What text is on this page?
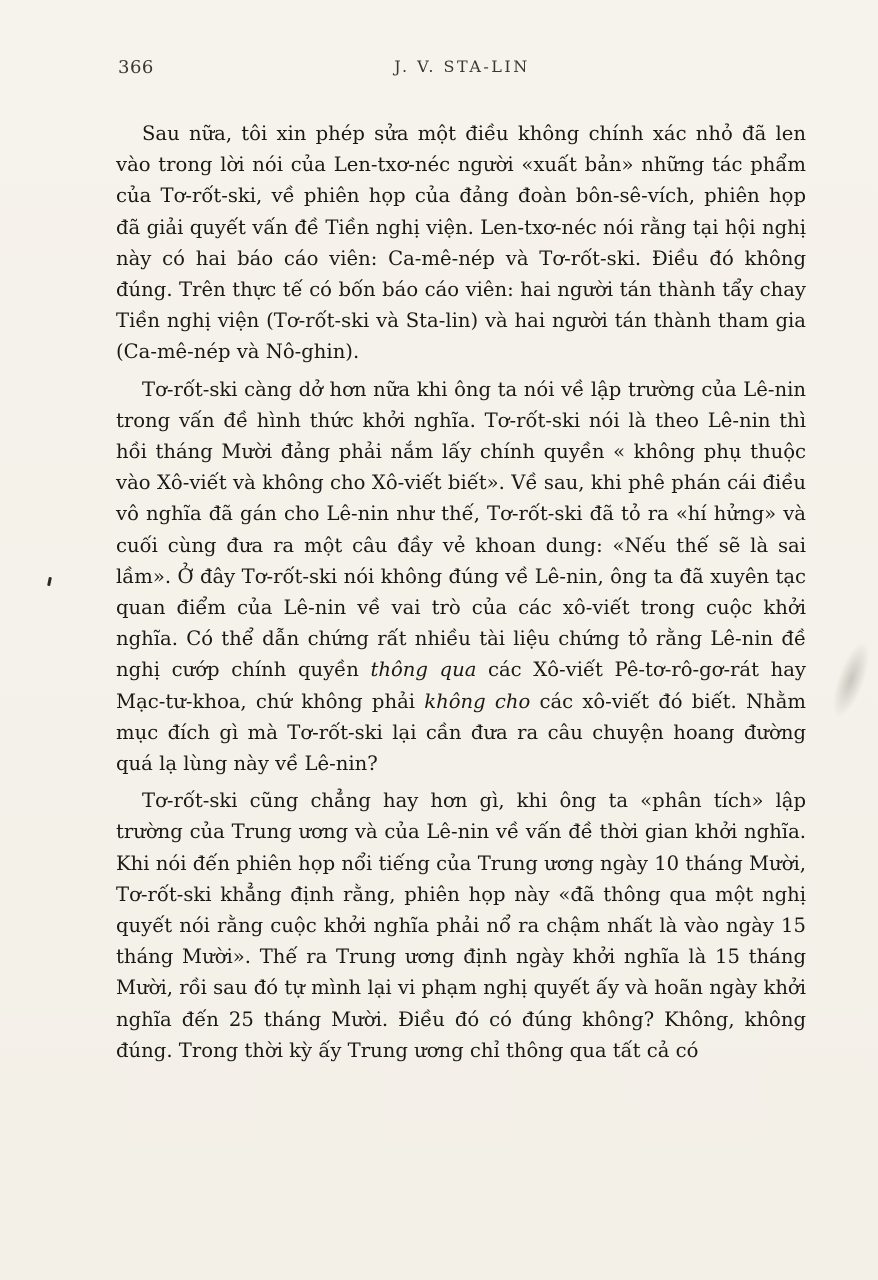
366	J. V. STA-LIN

Sau nữa, tôi xin phép sửa một điều không chính xác nhỏ đã len vào trong lời nói của Len-txơ-néc người «xuất bản» những tác phẩm của Tơ-rốt-ski, về phiên họp của đảng đoàn bôn-sê-vích, phiên họp đã giải quyết vấn đề Tiền nghị viện. Len-txơ-néc nói rằng tại hội nghị này có hai báo cáo viên: Ca-mê-nép và Tơ-rốt-ski. Điều đó không đúng. Trên thực tế có bốn báo cáo viên: hai người tán thành tẩy chay Tiền nghị viện (Tơ-rốt-ski và Sta-lin) và hai người tán thành tham gia (Ca-mê-nép và Nô-ghin).

Tơ-rốt-ski càng dở hơn nữa khi ông ta nói về lập trường của Lê-nin trong vấn đề hình thức khởi nghĩa. Tơ-rốt-ski nói là theo Lê-nin thì hồi tháng Mười đảng phải nắm lấy chính quyền « không phụ thuộc vào Xô-viết và không cho Xô-viết biết». Về sau, khi phê phán cái điều vô nghĩa đã gán cho Lê-nin như thế, Tơ-rốt-ski đã tỏ ra «hí hửng» và cuối cùng đưa ra một câu đầy vẻ khoan dung: «Nếu thế sẽ là sai lầm». Ở đây Tơ-rốt-ski nói không đúng về Lê-nin, ông ta đã xuyên tạc quan điểm của Lê-nin về vai trò của các xô-viết trong cuộc khởi nghĩa. Có thể dẫn chứng rất nhiều tài liệu chứng tỏ rằng Lê-nin đề nghị cướp chính quyền thông qua các Xô-viết Pê-tơ-rô-gơ-rát hay Mạc-tư-khoa, chứ không phải không cho các xô-viết đó biết. Nhằm mục đích gì mà Tơ-rốt-ski lại cần đưa ra câu chuyện hoang đường quá lạ lùng này về Lê-nin?

Tơ-rốt-ski cũng chẳng hay hơn gì, khi ông ta «phân tích» lập trường của Trung ương và của Lê-nin về vấn đề thời gian khởi nghĩa. Khi nói đến phiên họp nổi tiếng của Trung ương ngày 10 tháng Mười, Tơ-rốt-ski khẳng định rằng, phiên họp này «đã thông qua một nghị quyết nói rằng cuộc khởi nghĩa phải nổ ra chậm nhất là vào ngày 15 tháng Mười». Thế ra Trung ương định ngày khởi nghĩa là 15 tháng Mười, rồi sau đó tự mình lại vi phạm nghị quyết ấy và hoãn ngày khởi nghĩa đến 25 tháng Mười. Điều đó có đúng không? Không, không đúng. Trong thời kỳ ấy Trung ương chỉ thông qua tất cả có
